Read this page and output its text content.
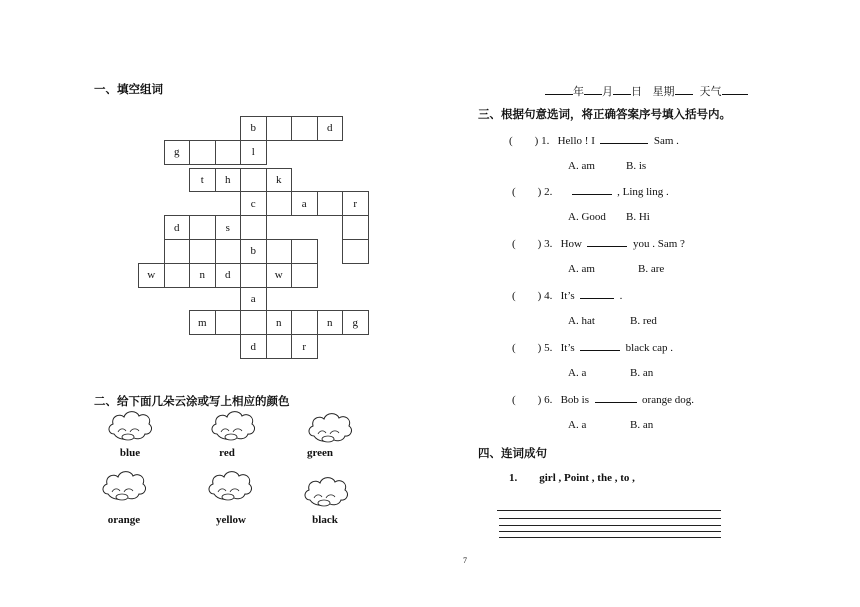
一、填空组词
b	d
g	l
t	h	k
c	a	r
d	s
b
w	n	d	w
a
m	n	n	g
d	r
二、给下面几朵云涂或写上相应的颜色
blue	red	green
orange	yellow	black
年 月 日 星期 天气
三、根据句意选词，将正确答案序号填入括号内。
(        ) 1.   Hello ! I	Sam .
A. am	B. is
(        ) 2.	, Ling ling .
A. Good B. Hi
(        ) 3.   How	you . Sam ?
A. am	B. are
(        ) 4.   It’s	.
A. hat	B. red
(        ) 5.   It’s	black cap .
A. a	B. an
(        ) 6.   Bob is	orange dog.
A. a	B. an
四、连词成句
1. girl , Point , the , to ,
7
